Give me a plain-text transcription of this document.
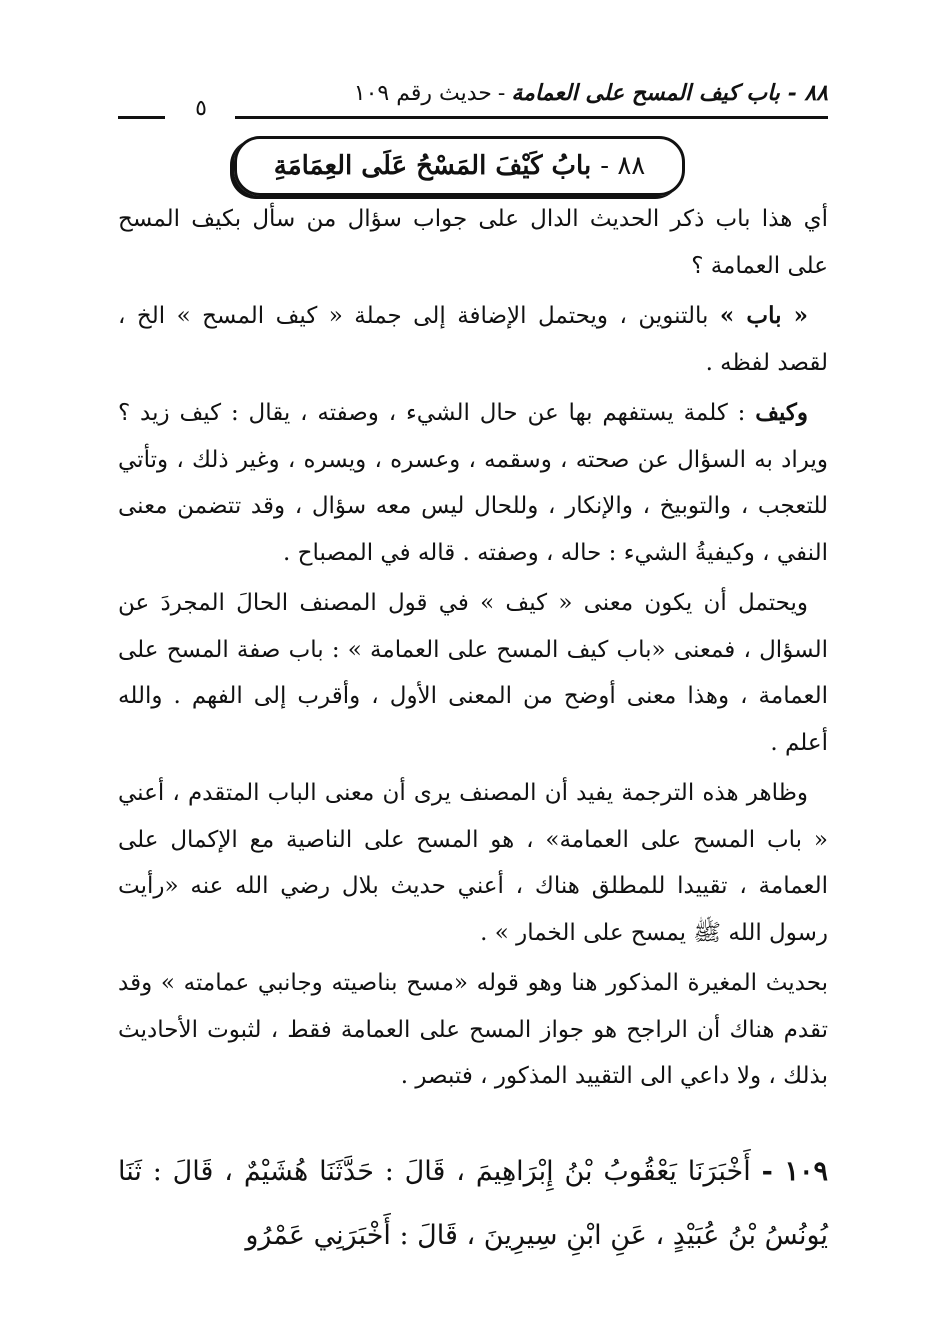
٨٨ - باب كيف المسح على العمامة-حديث رقم ١٠٩
٥
٨٨ - بابُ كَيْفَ المَسْحُ عَلَى العِمَامَةِ

أي هذا باب ذكر الحديث الدال على جواب سؤال من سأل بكيف المسح على العمامة ؟

« باب » بالتنوين ، ويحتمل الإضافة إلى جملة « كيف المسح » الخ ، لقصد لفظه .

وكيف : كلمة يستفهم بها عن حال الشيء ، وصفته ، يقال : كيف زيد ؟ ويراد به السؤال عن صحته ، وسقمه ، وعسره ، ويسره ، وغير ذلك ، وتأتي للتعجب ، والتوبيخ ، والإنكار ، وللحال ليس معه سؤال ، وقد تتضمن معنى النفي ، وكيفيةُ الشيء : حاله ، وصفته . قاله في المصباح .

ويحتمل أن يكون معنى « كيف » في قول المصنف الحالَ المجردَ عن السؤال ، فمعنى «باب كيف المسح على العمامة » : باب صفة المسح على العمامة ، وهذا معنى أوضح من المعنى الأول ، وأقرب إلى الفهم . والله أعلم .

وظاهر هذه الترجمة يفيد أن المصنف يرى أن معنى الباب المتقدم ، أعني « باب المسح على العمامة» ، هو المسح على الناصية مع الإكمال على العمامة ، تقييدا للمطلق هناك ، أعني حديث بلال رضي الله عنه «رأيت رسول الله ﷺ يمسح على الخمار » .

بحديث المغيرة المذكور هنا وهو قوله «مسح بناصيته وجانبي عمامته » وقد تقدم هناك أن الراجح هو جواز المسح على العمامة فقط ، لثبوت الأحاديث بذلك ، ولا داعي الى التقييد المذكور ، فتبصر .

١٠٩ - أَخْبَرَنَا يَعْقُوبُ بْنُ إِبْرَاهِيمَ ، قَالَ : حَدَّثَنَا هُشَيْمٌ ، قَالَ : ثَنَا يُونُسُ بْنُ عُبَيْدٍ ، عَنِ ابْنِ سِيرِينَ ، قَالَ : أَخْبَرَنِي عَمْرُو
